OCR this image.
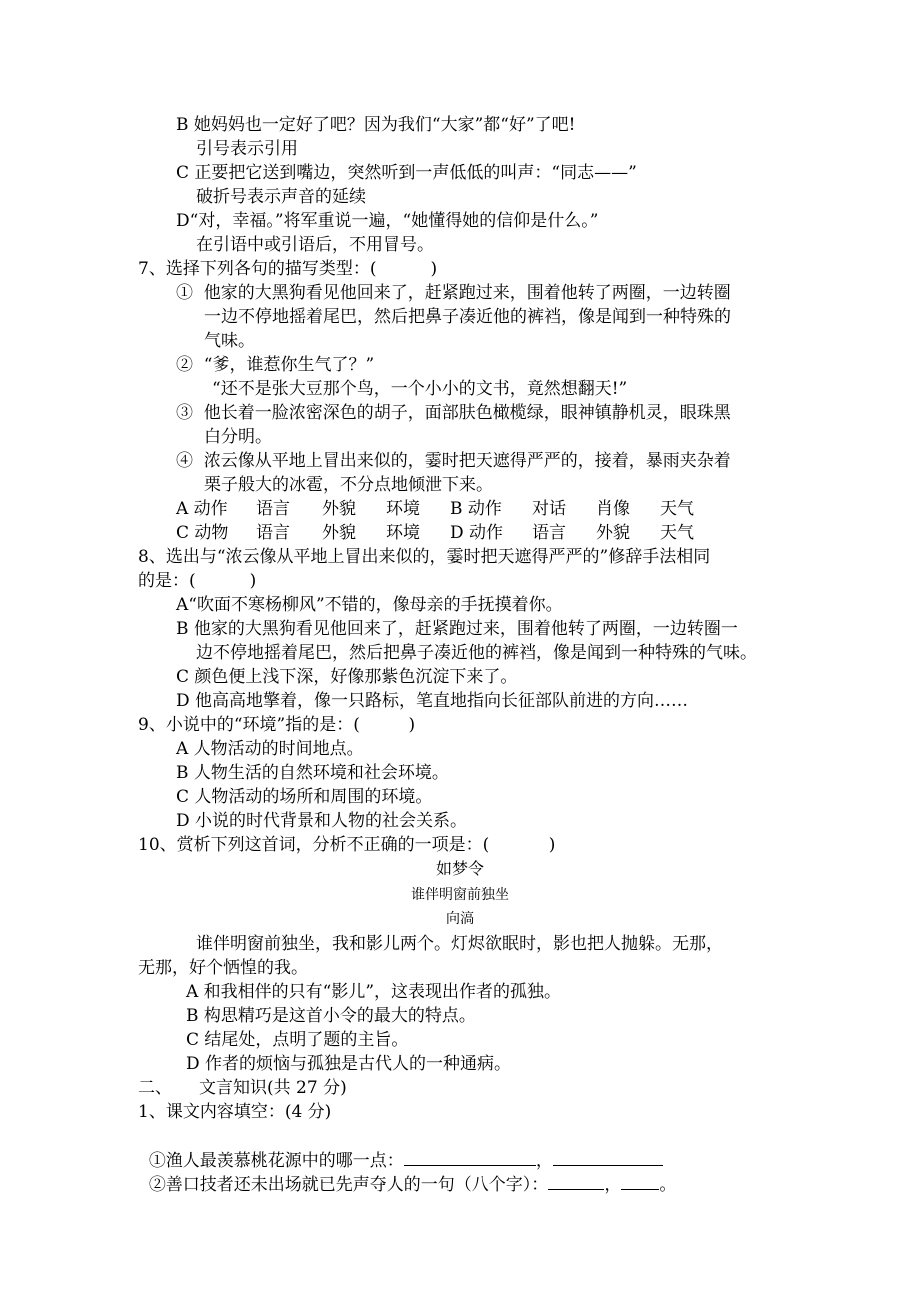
B 她妈妈也一定好了吧？因为我们“大家”都“好”了吧!
引号表示引用
C 正要把它送到嘴边，突然听到一声低低的叫声：“同志——”
破折号表示声音的延续
D“对，幸福。”将军重说一遍，“她懂得她的信仰是什么。”
在引语中或引语后，不用冒号。
7、选择下列各句的描写类型：(          )
①  他家的大黑狗看见他回来了，赶紧跑过来，围着他转了两圈，一边转圈
一边不停地摇着尾巴，然后把鼻子凑近他的裤裆，像是闻到一种特殊的
气味。
②  “爹，谁惹你生气了？”
“还不是张大豆那个鸟，一个小小的文书，竟然想翻天!”
③  他长着一脸浓密深色的胡子，面部肤色橄榄绿，眼神镇静机灵，眼珠黑
白分明。
④  浓云像从平地上冒出来似的，霎时把天遮得严严的，接着，暴雨夹杂着
栗子般大的冰雹，不分点地倾泄下来。
A 动作	语言	外貌	环境	B 动作	对话	肖像	天气
C 动物	语言	外貌	环境	D 动作	语言	外貌	天气
8、选出与“浓云像从平地上冒出来似的，霎时把天遮得严严的”修辞手法相同
的是：(          )
A“吹面不寒杨柳风”不错的，像母亲的手抚摸着你。
B 他家的大黑狗看见他回来了，赶紧跑过来，围着他转了两圈，一边转圈一
边不停地摇着尾巴，然后把鼻子凑近他的裤裆，像是闻到一种特殊的气味。
C 颜色便上浅下深，好像那紫色沉淀下来了。
D 他高高地擎着，像一只路标，笔直地指向长征部队前进的方向……
9、小说中的“环境”指的是：(         )
A 人物活动的时间地点。
B 人物生活的自然环境和社会环境。
C 人物活动的场所和周围的环境。
D 小说的时代背景和人物的社会关系。
10、赏析下列这首词，分析不正确的一项是：(           )
如梦令
谁伴明窗前独坐
向滈
谁伴明窗前独坐，我和影儿两个。灯烬欲眠时，影也把人抛躲。无那，
无那，好个恓惶的我。
A 和我相伴的只有“影儿”，这表现出作者的孤独。
B 构思精巧是这首小令的最大的特点。
C 结尾处，点明了题的主旨。
D 作者的烦恼与孤独是古代人的一种通病。
二、     文言知识(共 27 分)
1、课文内容填空：(4 分)

①渔人最羡慕桃花源中的哪一点：	，

②善口技者还未出场就已先声夺人的一句（八个字）：	， 。
